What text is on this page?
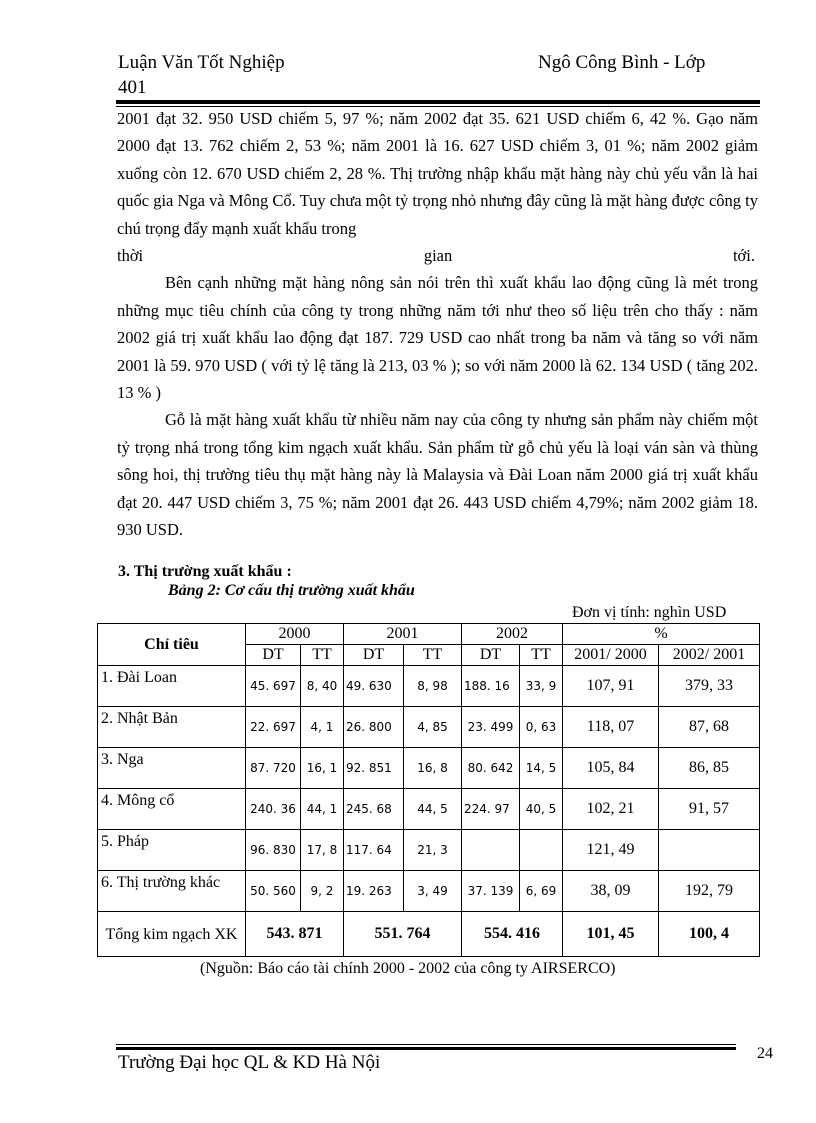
Luận Văn Tốt Nghiệp
401
Ngô Công Bình - Lớp

2001 đạt 32. 950 USD chiếm 5, 97 %; năm 2002 đạt 35. 621 USD chiếm 6, 42 %. Gạo năm 2000 đạt 13. 762 chiếm 2, 53 %; năm 2001 là 16. 627 USD chiếm 3, 01 %; năm 2002 giảm xuống còn 12. 670 USD chiếm 2, 28 %. Thị trường nhập khẩu mặt hàng này chủ yếu vẫn là hai quốc gia Nga và Mông Cổ. Tuy chưa một tỷ trọng nhỏ nhưng đây cũng là mặt hàng được công ty chú trọng đẩy mạnh xuất khẩu trong

thời	gian	tới.

Bên cạnh những mặt hàng nông sản nói trên thì xuất khẩu lao động cũng là mét trong những mục tiêu chính của công ty trong những năm tới như theo số liệu trên cho thấy : năm 2002 giá trị xuất khẩu lao động đạt 187. 729 USD cao nhất trong ba năm và tăng so với năm 2001 là 59. 970 USD ( với tỷ lệ tăng là 213, 03 % ); so với năm 2000 là 62. 134 USD ( tăng 202. 13 % )

Gỗ là mặt hàng xuất khẩu từ nhiều năm nay của công ty nhưng sản phẩm này chiếm một tỷ trọng nhá trong tổng kim ngạch xuất khẩu. Sản phẩm từ gỗ chủ yếu là loại ván sàn và thùng sông hoi, thị trường tiêu thụ mặt hàng này là Malaysia và Đài Loan năm 2000 giá trị xuất khẩu đạt 20. 447 USD chiếm 3, 75 %; năm 2001 đạt 26. 443 USD chiếm 4,79%; năm 2002 giảm 18. 930 USD.

3. Thị trường xuất khẩu :
Bảng 2: Cơ cấu thị trường xuất khẩu
Đơn vị tính: nghìn USD
Chỉ tiêu	2000		2001		2002		%	
	DT	TT	DT	TT	DT	TT	2001/ 2000	2002/ 2001
1. Đài Loan	45. 697	8, 40	49. 630	8, 98	188. 16	33, 9	107, 91	379, 33
2. Nhật Bản	22. 697	4, 1	26. 800	4, 85	23. 499	0, 63	118, 07	87, 68
3. Nga	87. 720	16, 1	92. 851	16, 8	80. 642	14, 5	105, 84	86, 85
4. Mông cổ	240. 36	44, 1	245. 68	44, 5	224. 97	40, 5	102, 21	91, 57
5. Pháp	96. 830	17, 8	117. 64	21, 3			121, 49	
6. Thị trường khác	50. 560	9, 2	19. 263	3, 49	37. 139	6, 69	38, 09	192, 79
Tổng kim ngạch XK	543. 871		551. 764		554. 416		101, 45	100, 4
(Nguồn: Báo cáo tài chính 2000 - 2002 của công ty AIRSERCO)
Trường Đại học QL & KD Hà Nội	24
